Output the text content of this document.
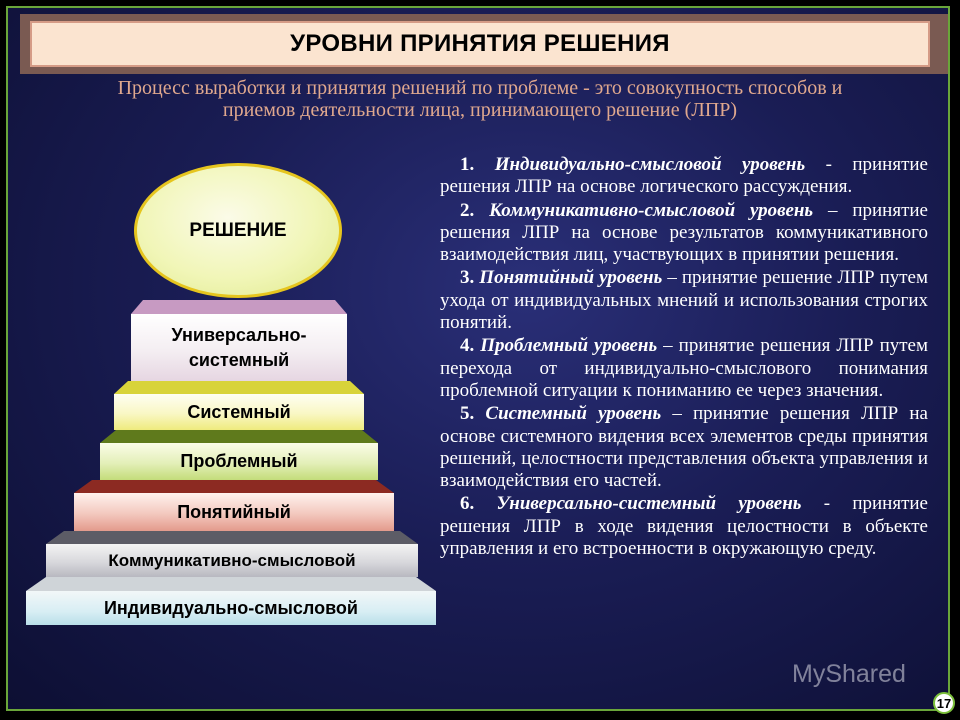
УРОВНИ ПРИНЯТИЯ РЕШЕНИЯ
Процесс выработки и принятия решений по проблеме - это совокупность способов и
приемов деятельности лица, принимающего решение (ЛПР)
Индивидуально-смысловой
Коммуникативно-смысловой
Понятийный
Проблемный
Системный
Универсально-
системный
РЕШЕНИЕ

1. Индивидуально-смысловой уровень - принятие решения ЛПР на основе логического рассуждения.

2. Коммуникативно-смысловой уровень – принятие решения ЛПР на основе результатов коммуникативного взаимодействия лиц, участвующих в принятии решения.

3. Понятийный уровень – принятие решение ЛПР путем ухода от индивидуальных мнений и использования строгих понятий.

4. Проблемный уровень – принятие решения ЛПР путем перехода от индивидуально-смыслового понимания проблемной ситуации к пониманию ее через значения.

5. Системный уровень – принятие решения ЛПР на основе системного видения всех элементов среды принятия решений, целостности представления объекта управления и взаимодействия его частей.

6. Универсально-системный уровень - принятие решения ЛПР в ходе видения целостности в объекте управления и его встроенности в окружающую среду.

MyShared
17
